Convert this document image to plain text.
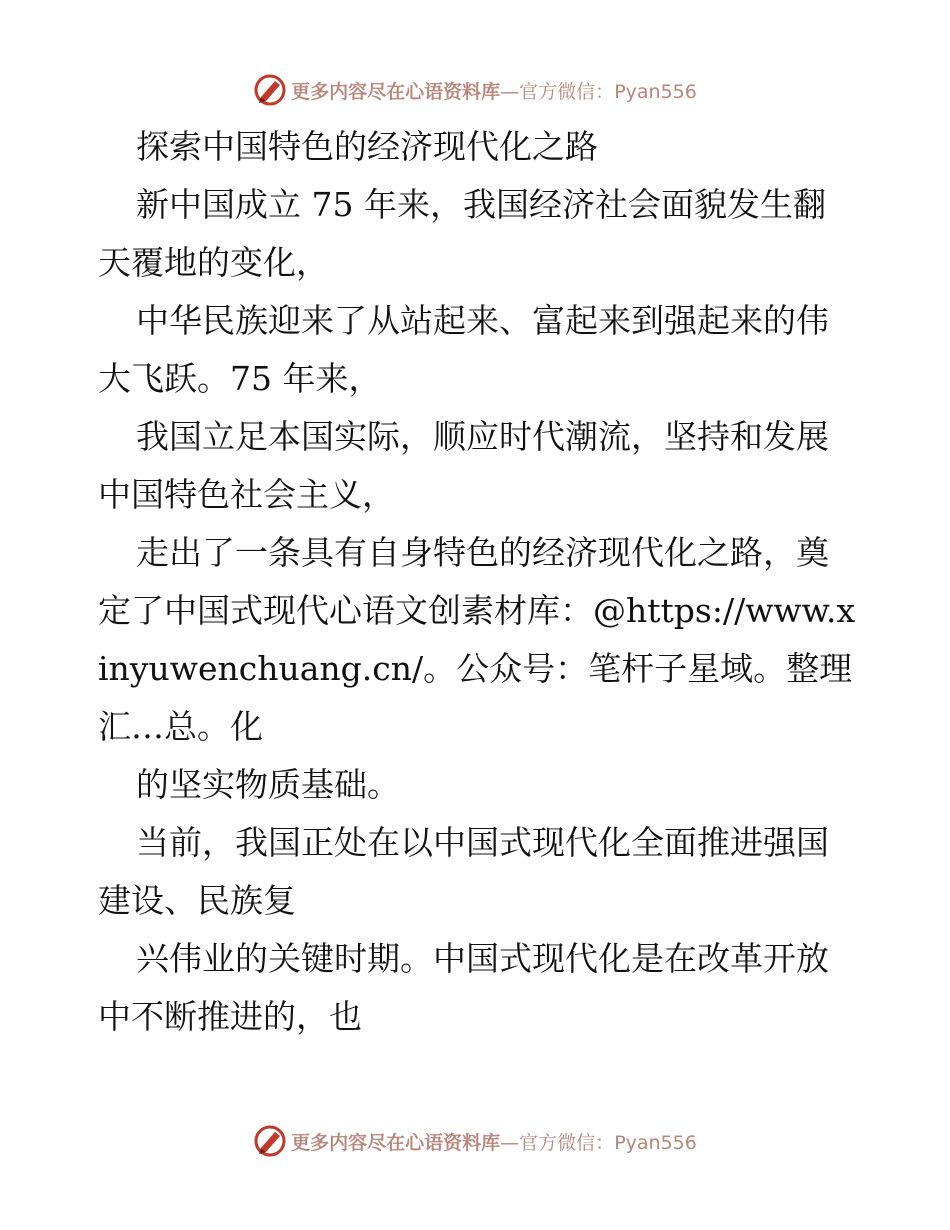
更多内容尽在心语资料库—官方微信：Pyan556

探索中国特色的经济现代化之路

新中国成立 75 年来，我国经济社会面貌发生翻天覆地的变化，

中华民族迎来了从站起来、富起来到强起来的伟大飞跃。75 年来，

我国立足本国实际，顺应时代潮流，坚持和发展中国特色社会主义，

走出了一条具有自身特色的经济现代化之路，奠定了中国式现代心语文创素材库：@https://www.xinyuwenchuang.cn/。公众号：笔杆子星域。整理汇…总。化

的坚实物质基础。

当前，我国正处在以中国式现代化全面推进强国建设、民族复

兴伟业的关键时期。中国式现代化是在改革开放中不断推进的，也

更多内容尽在心语资料库—官方微信：Pyan556
